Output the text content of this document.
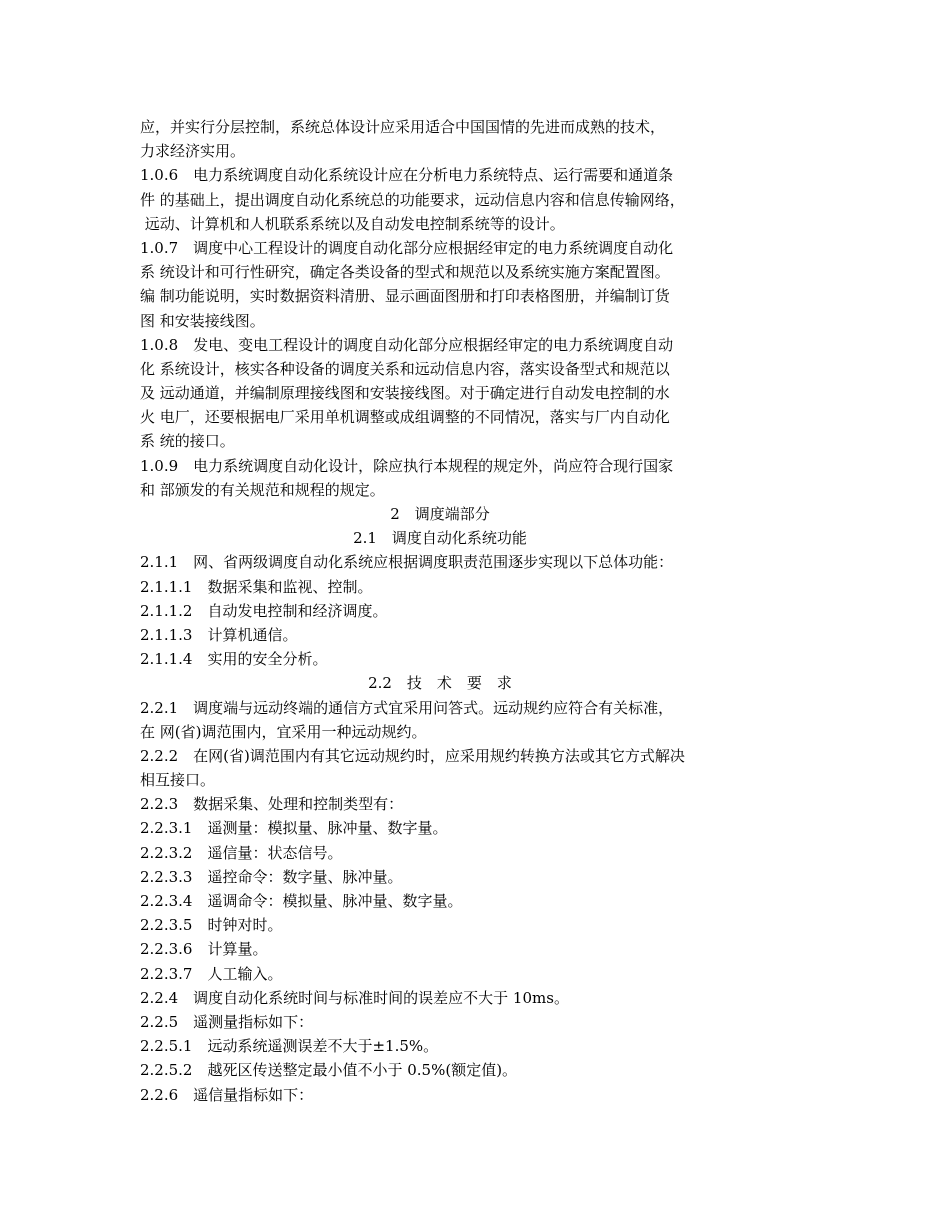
应，并实行分层控制，系统总体设计应采用适合中国国情的先进而成熟的技术，
力求经济实用。
1.0.6　电力系统调度自动化系统设计应在分析电力系统特点、运行需要和通道条
件 的基础上，提出调度自动化系统总的功能要求，远动信息内容和信息传输网络，
远动、计算机和人机联系系统以及自动发电控制系统等的设计。
1.0.7　调度中心工程设计的调度自动化部分应根据经审定的电力系统调度自动化
系 统设计和可行性研究，确定各类设备的型式和规范以及系统实施方案配置图。
编 制功能说明，实时数据资料清册、显示画面图册和打印表格图册，并编制订货
图 和安装接线图。
1.0.8　发电、变电工程设计的调度自动化部分应根据经审定的电力系统调度自动
化 系统设计，核实各种设备的调度关系和远动信息内容，落实设备型式和规范以
及 远动通道，并编制原理接线图和安装接线图。对于确定进行自动发电控制的水
火 电厂，还要根据电厂采用单机调整或成组调整的不同情况，落实与厂内自动化
系 统的接口。
1.0.9　电力系统调度自动化设计，除应执行本规程的规定外，尚应符合现行国家
和 部颁发的有关规范和规程的规定。
2　调度端部分
2.1　调度自动化系统功能
2.1.1　网、省两级调度自动化系统应根据调度职责范围逐步实现以下总体功能：
2.1.1.1　数据采集和监视、控制。
2.1.1.2　自动发电控制和经济调度。
2.1.1.3　计算机通信。
2.1.1.4　实用的安全分析。
2.2　技　术　要　求
2.2.1　调度端与远动终端的通信方式宜采用问答式。远动规约应符合有关标准，
在 网(省)调范围内，宜采用一种远动规约。
2.2.2　在网(省)调范围内有其它远动规约时，应采用规约转换方法或其它方式解决
相互接口。
2.2.3　数据采集、处理和控制类型有：
2.2.3.1　遥测量：模拟量、脉冲量、数字量。
2.2.3.2　遥信量：状态信号。
2.2.3.3　遥控命令：数字量、脉冲量。
2.2.3.4　遥调命令：模拟量、脉冲量、数字量。
2.2.3.5　时钟对时。
2.2.3.6　计算量。
2.2.3.7　人工输入。
2.2.4　调度自动化系统时间与标准时间的误差应不大于 10ms。
2.2.5　遥测量指标如下：
2.2.5.1　远动系统遥测误差不大于±1.5%。
2.2.5.2　越死区传送整定最小值不小于 0.5%(额定值)。
2.2.6　遥信量指标如下：
